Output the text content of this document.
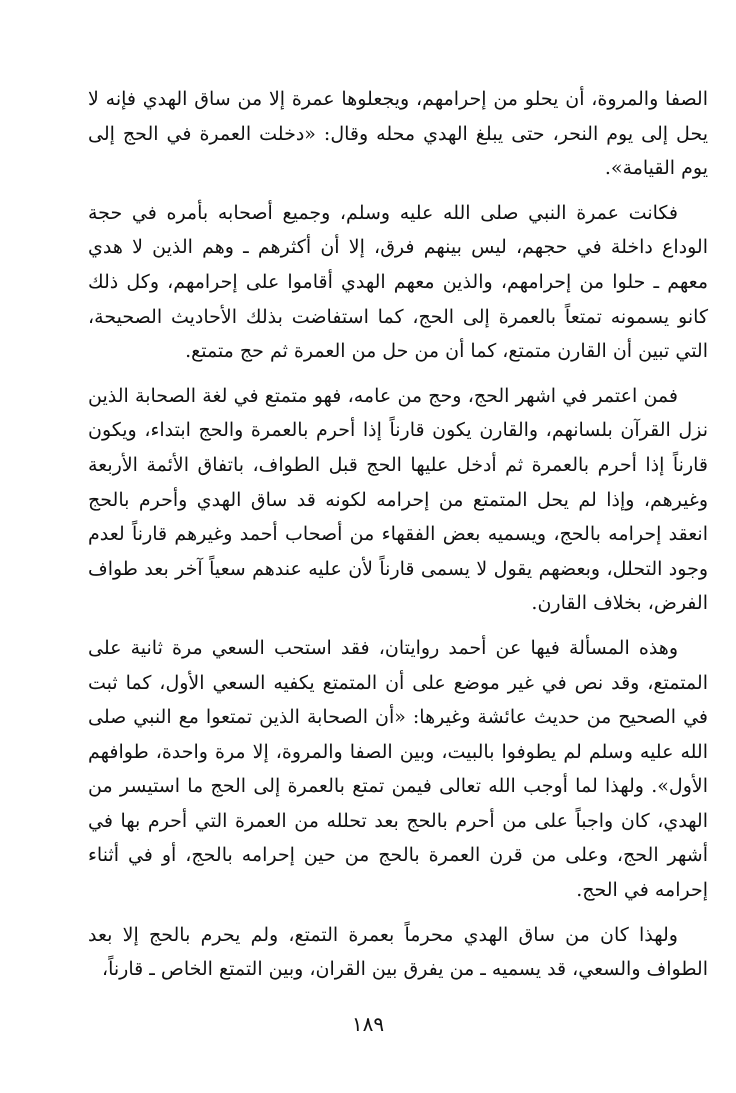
الصفا والمروة، أن يحلو من إحرامهم، ويجعلوها عمرة إلا من ساق الهدي فإنه لا يحل إلى يوم النحر، حتى يبلغ الهدي محله وقال: «دخلت العمرة في الحج إلى يوم القيامة».

فكانت عمرة النبي صلى الله عليه وسلم، وجميع أصحابه بأمره في حجة الوداع داخلة في حجهم، ليس بينهم فرق، إلا أن أكثرهم ـ وهم الذين لا هدي معهم ـ حلوا من إحرامهم، والذين معهم الهدي أقاموا على إحرامهم، وكل ذلك كانو يسمونه تمتعاً بالعمرة إلى الحج، كما استفاضت بذلك الأحاديث الصحيحة، التي تبين أن القارن متمتع، كما أن من حل من العمرة ثم حج متمتع.

فمن اعتمر في اشهر الحج، وحج من عامه، فهو متمتع في لغة الصحابة الذين نزل القرآن بلسانهم، والقارن يكون قارناً إذا أحرم بالعمرة والحج ابتداء، ويكون قارناً إذا أحرم بالعمرة ثم أدخل عليها الحج قبل الطواف، باتفاق الأئمة الأربعة وغيرهم، وإذا لم يحل المتمتع من إحرامه لكونه قد ساق الهدي وأحرم بالحج انعقد إحرامه بالحج، ويسميه بعض الفقهاء من أصحاب أحمد وغيرهم قارناً لعدم وجود التحلل، وبعضهم يقول لا يسمى قارناً لأن عليه عندهم سعياً آخر بعد طواف الفرض، بخلاف القارن.

وهذه المسألة فيها عن أحمد روايتان، فقد استحب السعي مرة ثانية على المتمتع، وقد نص في غير موضع على أن المتمتع يكفيه السعي الأول، كما ثبت في الصحيح من حديث عائشة وغيرها: «أن الصحابة الذين تمتعوا مع النبي صلى الله عليه وسلم لم يطوفوا بالبيت، وبين الصفا والمروة، إلا مرة واحدة، طوافهم الأول». ولهذا لما أوجب الله تعالى فيمن تمتع بالعمرة إلى الحج ما استيسر من الهدي، كان واجباً على من أحرم بالحج بعد تحلله من العمرة التي أحرم بها في أشهر الحج، وعلى من قرن العمرة بالحج من حين إحرامه بالحج، أو في أثناء إحرامه في الحج.

ولهذا كان من ساق الهدي محرماً بعمرة التمتع، ولم يحرم بالحج إلا بعد الطواف والسعي، قد يسميه ـ من يفرق بين القران، وبين التمتع الخاص ـ قارناً،

١٨٩
